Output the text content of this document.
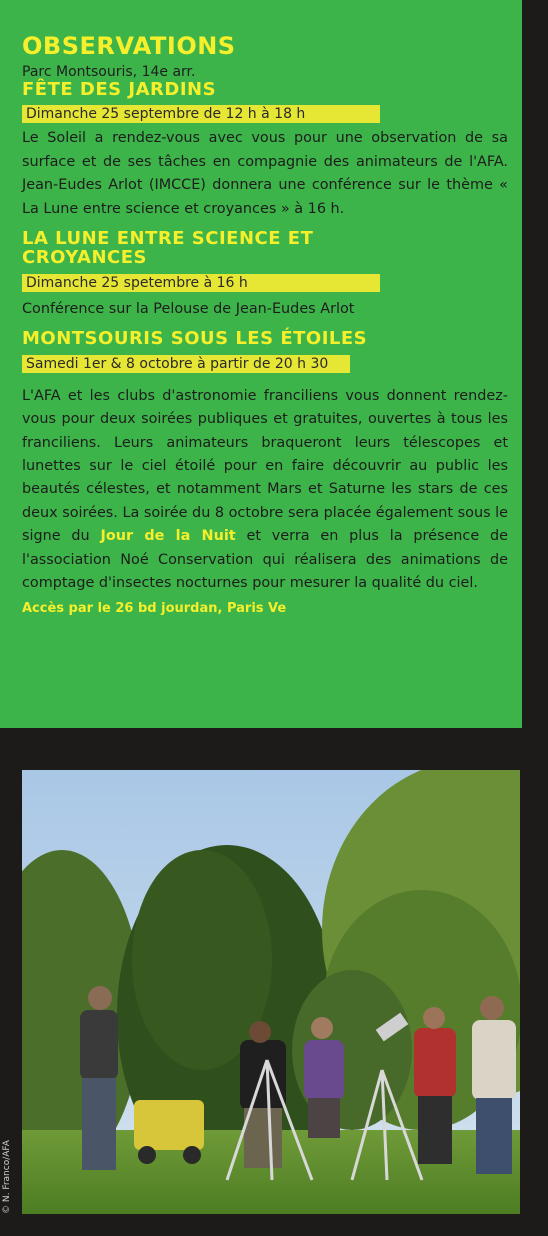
OBSERVATIONS

Parc Montsouris, 14e arr.

FÊTE DES JARDINS
Dimanche 25 septembre de 12 h à 18 h

Le Soleil a rendez-vous avec vous pour une observation de sa surface et de ses tâches en compagnie des animateurs de l'AFA. Jean-Eudes Arlot (IMCCE) donnera une conférence sur le thème « La Lune entre science et croyances » à 16 h.

LA LUNE ENTRE SCIENCE ET CROYANCES
Dimanche 25 spetembre à 16 h

Conférence sur la Pelouse de Jean-Eudes Arlot

MONTSOURIS SOUS LES ÉTOILES
Samedi 1er & 8 octobre à partir de 20 h 30

L'AFA et les clubs d'astronomie franciliens vous donnent rendez-vous pour deux soirées publiques et gratuites, ouvertes à tous les franciliens. Leurs animateurs braqueront leurs télescopes et lunettes sur le ciel étoilé pour en faire découvrir au public les beautés célestes, et notamment Mars et Saturne les stars de ces deux soirées. La soirée du 8 octobre sera placée également sous le signe du Jour de la Nuit et verra en plus la présence de l'association Noé Conservation qui réalisera des animations de comptage d'insectes nocturnes pour mesurer la qualité du ciel.

Accès par le 26 bd jourdan, Paris Ve

© N. Franco/AFA
